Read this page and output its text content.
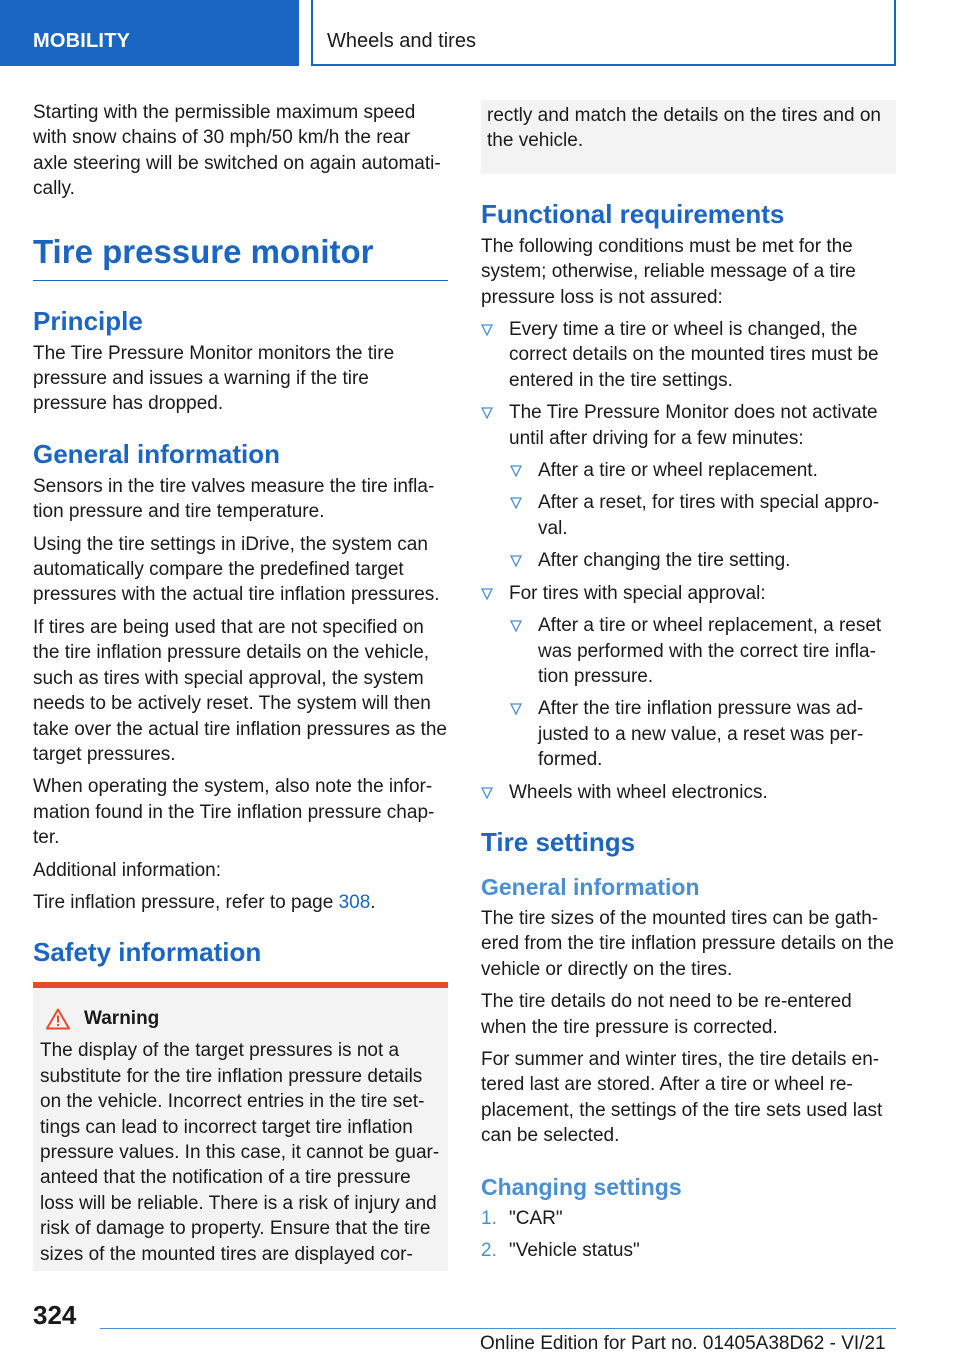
MOBILITY	Wheels and tires

Starting with the permissible maximum speed with snow chains of 30 mph/50 km/h the rear axle steering will be switched on again automati‐cally.

Tire pressure monitor
Principle

The Tire Pressure Monitor monitors the tire pressure and issues a warning if the tire pressure has dropped.

General information

Sensors in the tire valves measure the tire infla‐tion pressure and tire temperature.

Using the tire settings in iDrive, the system can automatically compare the predefined target pressures with the actual tire inflation pressures.

If tires are being used that are not specified on the tire inflation pressure details on the vehicle, such as tires with special approval, the system needs to be actively reset. The system will then take over the actual tire inflation pressures as the target pressures.

When operating the system, also note the infor‐mation found in the Tire inflation pressure chap‐ter.

Additional information:

Tire inflation pressure, refer to page 308.

Safety information
Warning

The display of the target pressures is not a substitute for the tire inflation pressure details on the vehicle. Incorrect entries in the tire set‐tings can lead to incorrect target tire inflation pressure values. In this case, it cannot be guar‐anteed that the notification of a tire pressure loss will be reliable. There is a risk of injury and risk of damage to property. Ensure that the tire sizes of the mounted tires are displayed cor‐

rectly and match the details on the tires and on the vehicle.

Functional requirements

The following conditions must be met for the system; otherwise, reliable message of a tire pressure loss is not assured:

Every time a tire or wheel is changed, the correct details on the mounted tires must be entered in the tire settings.
The Tire Pressure Monitor does not activate until after driving for a few minutes:
After a tire or wheel replacement.
After a reset, for tires with special appro‐val.
After changing the tire setting.
For tires with special approval:
After a tire or wheel replacement, a reset was performed with the correct tire infla‐tion pressure.
After the tire inflation pressure was ad‐justed to a new value, a reset was per‐formed.
Wheels with wheel electronics.
Tire settings
General information

The tire sizes of the mounted tires can be gath‐ered from the tire inflation pressure details on the vehicle or directly on the tires.

The tire details do not need to be re-entered when the tire pressure is corrected.

For summer and winter tires, the tire details en‐tered last are stored. After a tire or wheel re‐placement, the settings of the tire sets used last can be selected.

Changing settings
1. "CAR"
2. "Vehicle status"
324
Online Edition for Part no. 01405A38D62 - VI/21
